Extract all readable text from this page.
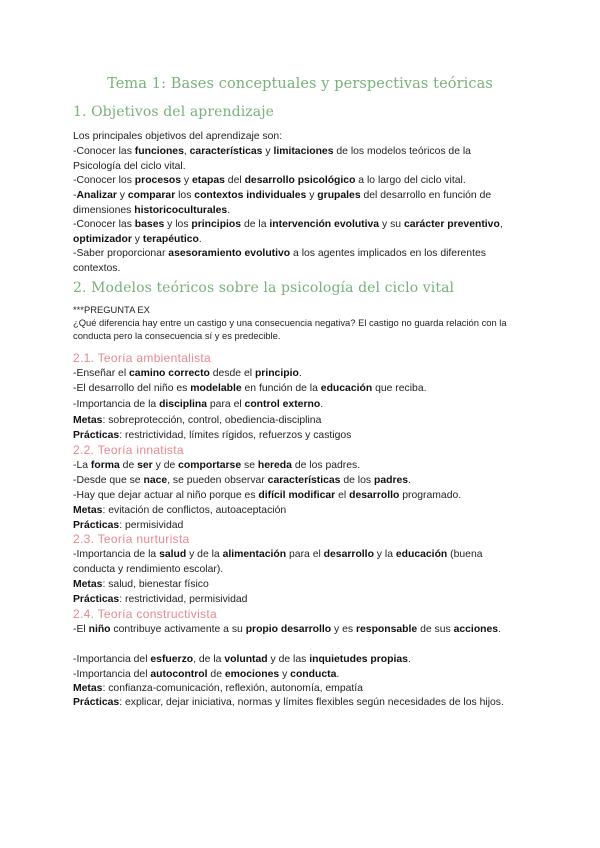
Tema 1: Bases conceptuales y perspectivas teóricas
1. Objetivos del aprendizaje
Los principales objetivos del aprendizaje son:
-Conocer las funciones, características y limitaciones de los modelos teóricos de la Psicología del ciclo vital.
-Conocer los procesos y etapas del desarrollo psicológico a lo largo del ciclo vital.
-Analizar y comparar los contextos individuales y grupales del desarrollo en función de dimensiones historicoculturales.
-Conocer las bases y los principios de la intervención evolutiva y su carácter preventivo, optimizador y terapéutico.
-Saber proporcionar asesoramiento evolutivo a los agentes implicados en los diferentes contextos.
2. Modelos teóricos sobre la psicología del ciclo vital
***PREGUNTA EX
¿Qué diferencia hay entre un castigo y una consecuencia negativa? El castigo no guarda relación con la conducta pero la consecuencia sí y es predecible.
2.1. Teoría ambientalista
-Enseñar el camino correcto desde el principio.
-El desarrollo del niño es modelable en función de la educación que reciba.
-Importancia de la disciplina para el control externo.
Metas: sobreprotección, control, obediencia-disciplina
Prácticas: restrictividad, límites rígidos, refuerzos y castigos
2.2. Teoría innatista
-La forma de ser y de comportarse se hereda de los padres.
-Desde que se nace, se pueden observar características de los padres.
-Hay que dejar actuar al niño porque es difícil modificar el desarrollo programado.
Metas: evitación de conflictos, autoaceptación
Prácticas: permisividad
2.3. Teoría nurturista
-Importancia de la salud y de la alimentación para el desarrollo y la educación (buena conducta y rendimiento escolar).
Metas: salud, bienestar físico
Prácticas: restrictividad, permisividad
2.4. Teoría constructivista
-El niño contribuye activamente a su propio desarrollo y es responsable de sus acciones.
-Importancia del esfuerzo, de la voluntad y de las inquietudes propias.
-Importancia del autocontrol de emociones y conducta.
Metas: confianza-comunicación, reflexión, autonomía, empatía
Prácticas: explicar, dejar iniciativa, normas y límites flexibles según necesidades de los hijos.
